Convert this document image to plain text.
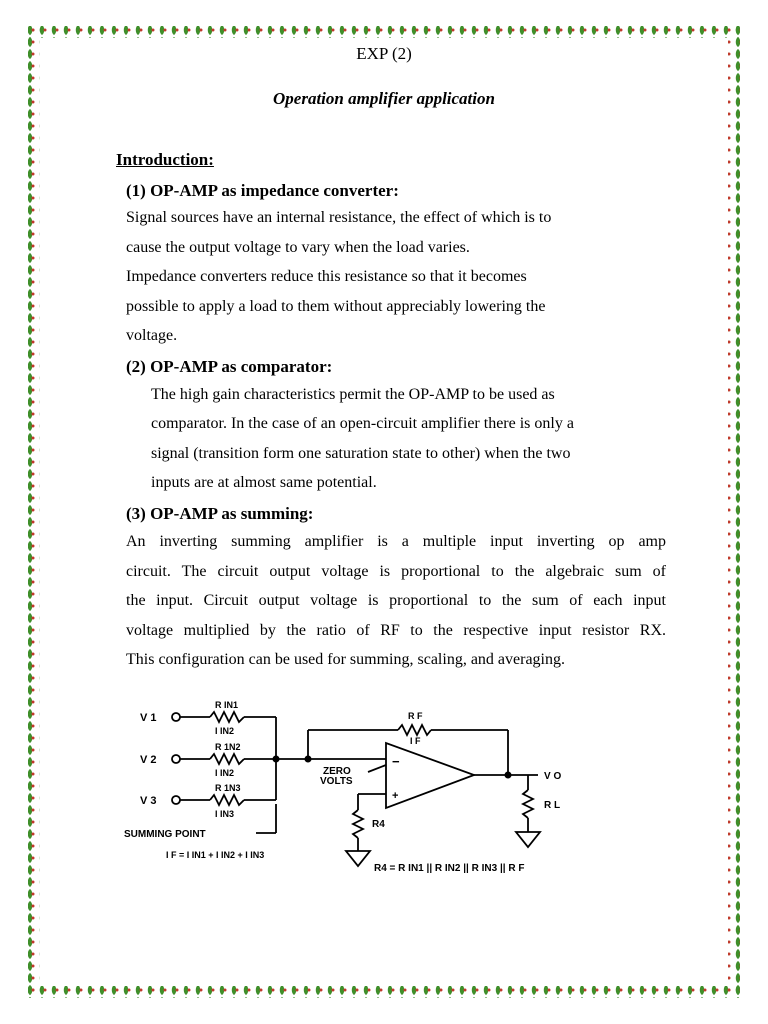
EXP (2)
Operation amplifier application
Introduction:
(1) OP-AMP as impedance converter:

Signal sources have an internal resistance, the effect of which is to

cause the output voltage to vary when the load varies.

Impedance converters reduce this resistance so that it becomes

possible to apply a load to them without appreciably lowering the

voltage.

(2) OP-AMP as comparator:

The high gain characteristics permit the OP-AMP to be used as

comparator. In the case of an open-circuit amplifier there is only a

signal (transition form one saturation state to other) when the two

inputs are at almost same potential.

(3) OP-AMP as summing:

An inverting summing amplifier is a multiple input inverting op amp

circuit. The circuit output voltage is proportional to the algebraic sum of

the input. Circuit output voltage is proportional to the sum of each input

voltage multiplied by the ratio of RF to the respective input resistor RX.

This configuration can be used for summing, scaling, and averaging.

V 1
V 2
V 3
R IN1
R 1N2
R 1N3
I IN2
I IN2
I IN3
R F
I F
ZERO
VOLTS
−
+
V O
R L
R4
SUMMING POINT
I F = I IN1 + I IN2 + I IN3
R4 = R IN1 || R IN2 || R IN3 || R F
